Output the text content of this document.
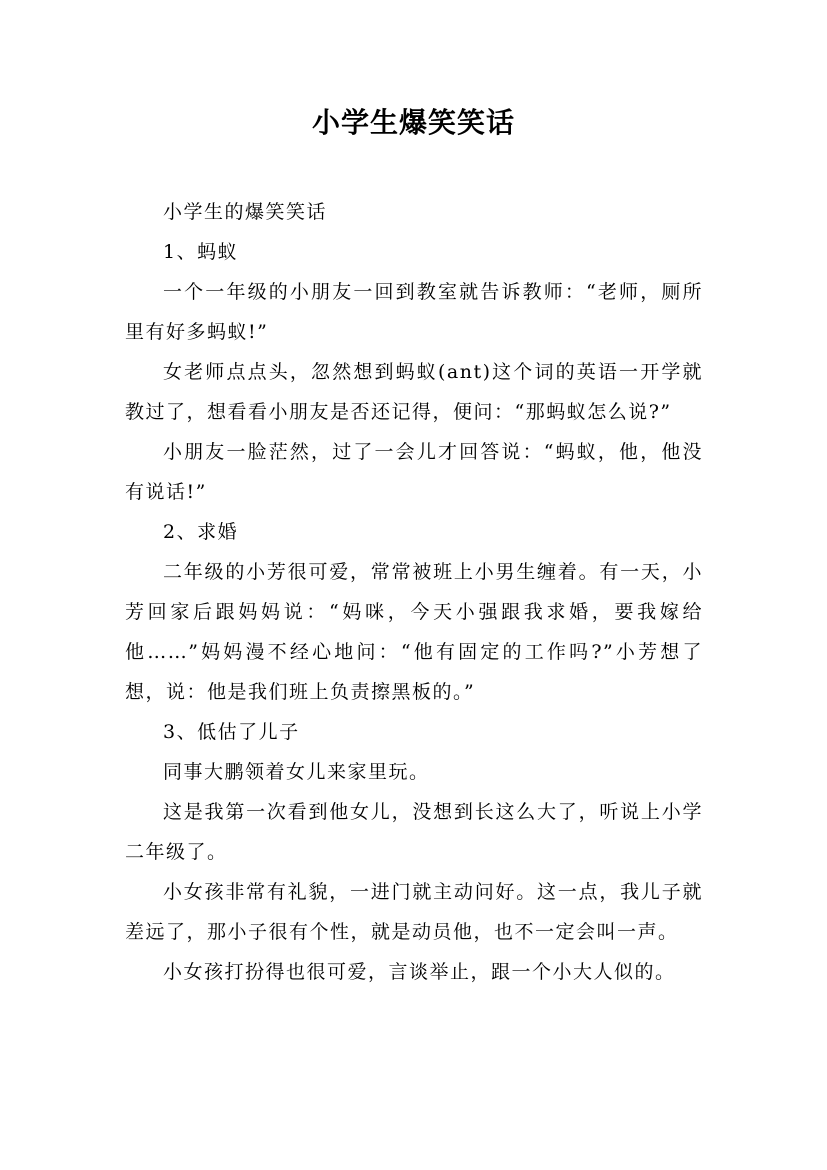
小学生爆笑笑话

小学生的爆笑笑话

1、蚂蚁

一个一年级的小朋友一回到教室就告诉教师：“老师，厕所里有好多蚂蚁!”

女老师点点头，忽然想到蚂蚁(ant)这个词的英语一开学就教过了，想看看小朋友是否还记得，便问：“那蚂蚁怎么说?”

小朋友一脸茫然，过了一会儿才回答说：“蚂蚁，他，他没有说话!”

2、求婚

二年级的小芳很可爱，常常被班上小男生缠着。有一天，小芳回家后跟妈妈说：“妈咪，今天小强跟我求婚，要我嫁给他……”妈妈漫不经心地问：“他有固定的工作吗?”小芳想了想，说：他是我们班上负责擦黑板的。”

3、低估了儿子

同事大鹏领着女儿来家里玩。

这是我第一次看到他女儿，没想到长这么大了，听说上小学二年级了。

小女孩非常有礼貌，一进门就主动问好。这一点，我儿子就差远了，那小子很有个性，就是动员他，也不一定会叫一声。

小女孩打扮得也很可爱，言谈举止，跟一个小大人似的。
